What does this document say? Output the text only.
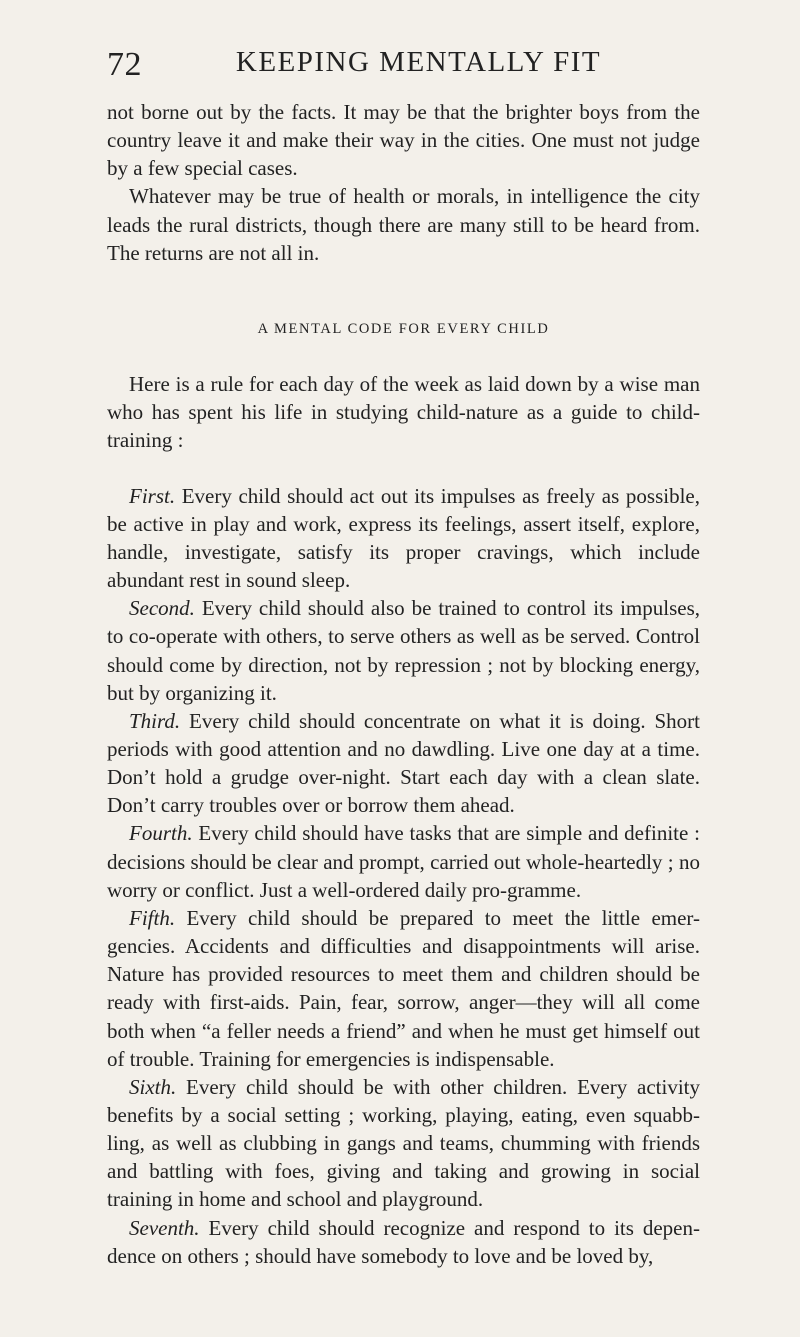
72	KEEPING MENTALLY FIT

not borne out by the facts. It may be that the brighter boys from the country leave it and make their way in the cities. One must not judge by a few special cases.

Whatever may be true of health or morals, in intelligence the city leads the rural districts, though there are many still to be heard from. The returns are not all in.

A MENTAL CODE FOR EVERY CHILD

Here is a rule for each day of the week as laid down by a wise man who has spent his life in studying child-nature as a guide to child-training :

First. Every child should act out its impulses as freely as possible, be active in play and work, express its feelings, assert itself, explore, handle, investigate, satisfy its proper cravings, which include abundant rest in sound sleep.

Second. Every child should also be trained to control its impulses, to co-operate with others, to serve others as well as be served. Control should come by direction, not by repression ; not by blocking energy, but by organizing it.

Third. Every child should concentrate on what it is doing. Short periods with good attention and no dawdling. Live one day at a time. Don’t hold a grudge over-night. Start each day with a clean slate. Don’t carry troubles over or borrow them ahead.

Fourth. Every child should have tasks that are simple and definite : decisions should be clear and prompt, carried out whole-heartedly ; no worry or conflict. Just a well-ordered daily pro-gramme.

Fifth. Every child should be prepared to meet the little emer-gencies. Accidents and difficulties and disappointments will arise. Nature has provided resources to meet them and children should be ready with first-aids. Pain, fear, sorrow, anger—they will all come both when “a feller needs a friend” and when he must get himself out of trouble. Training for emergencies is indispensable.

Sixth. Every child should be with other children. Every activity benefits by a social setting ; working, playing, eating, even squabb-ling, as well as clubbing in gangs and teams, chumming with friends and battling with foes, giving and taking and growing in social training in home and school and playground.

Seventh. Every child should recognize and respond to its depen-dence on others ; should have somebody to love and be loved by,
